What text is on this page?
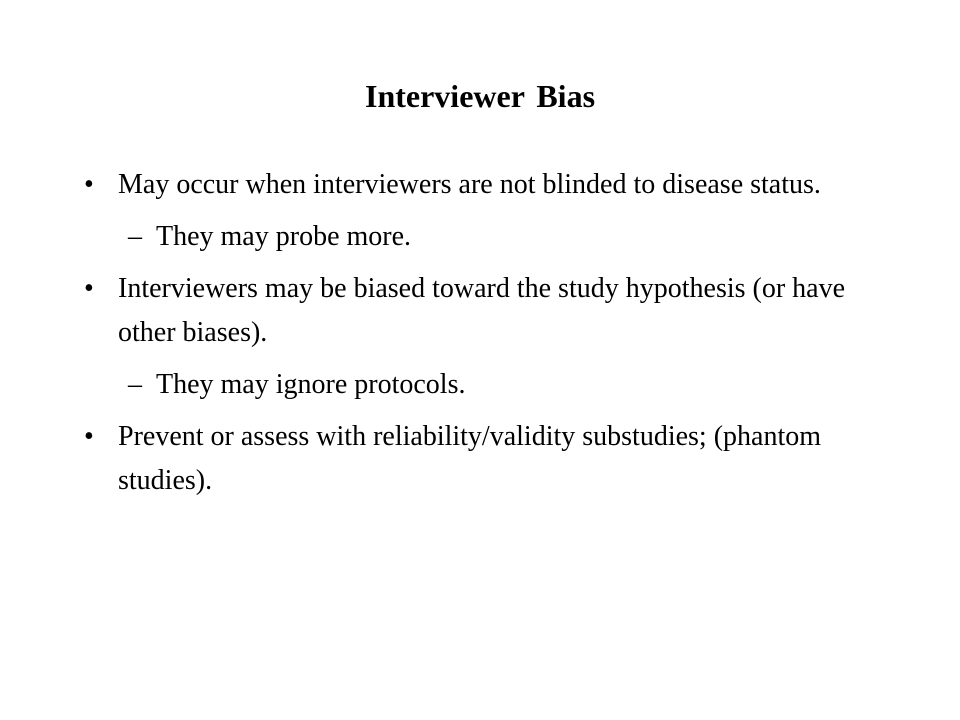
Interviewer Bias
• May occur when interviewers are not blinded to disease status.
– They may probe more.
• Interviewers may be biased toward the study hypothesis (or have other biases).
– They may ignore protocols.
• Prevent or assess with reliability/validity substudies; (phantom studies).
